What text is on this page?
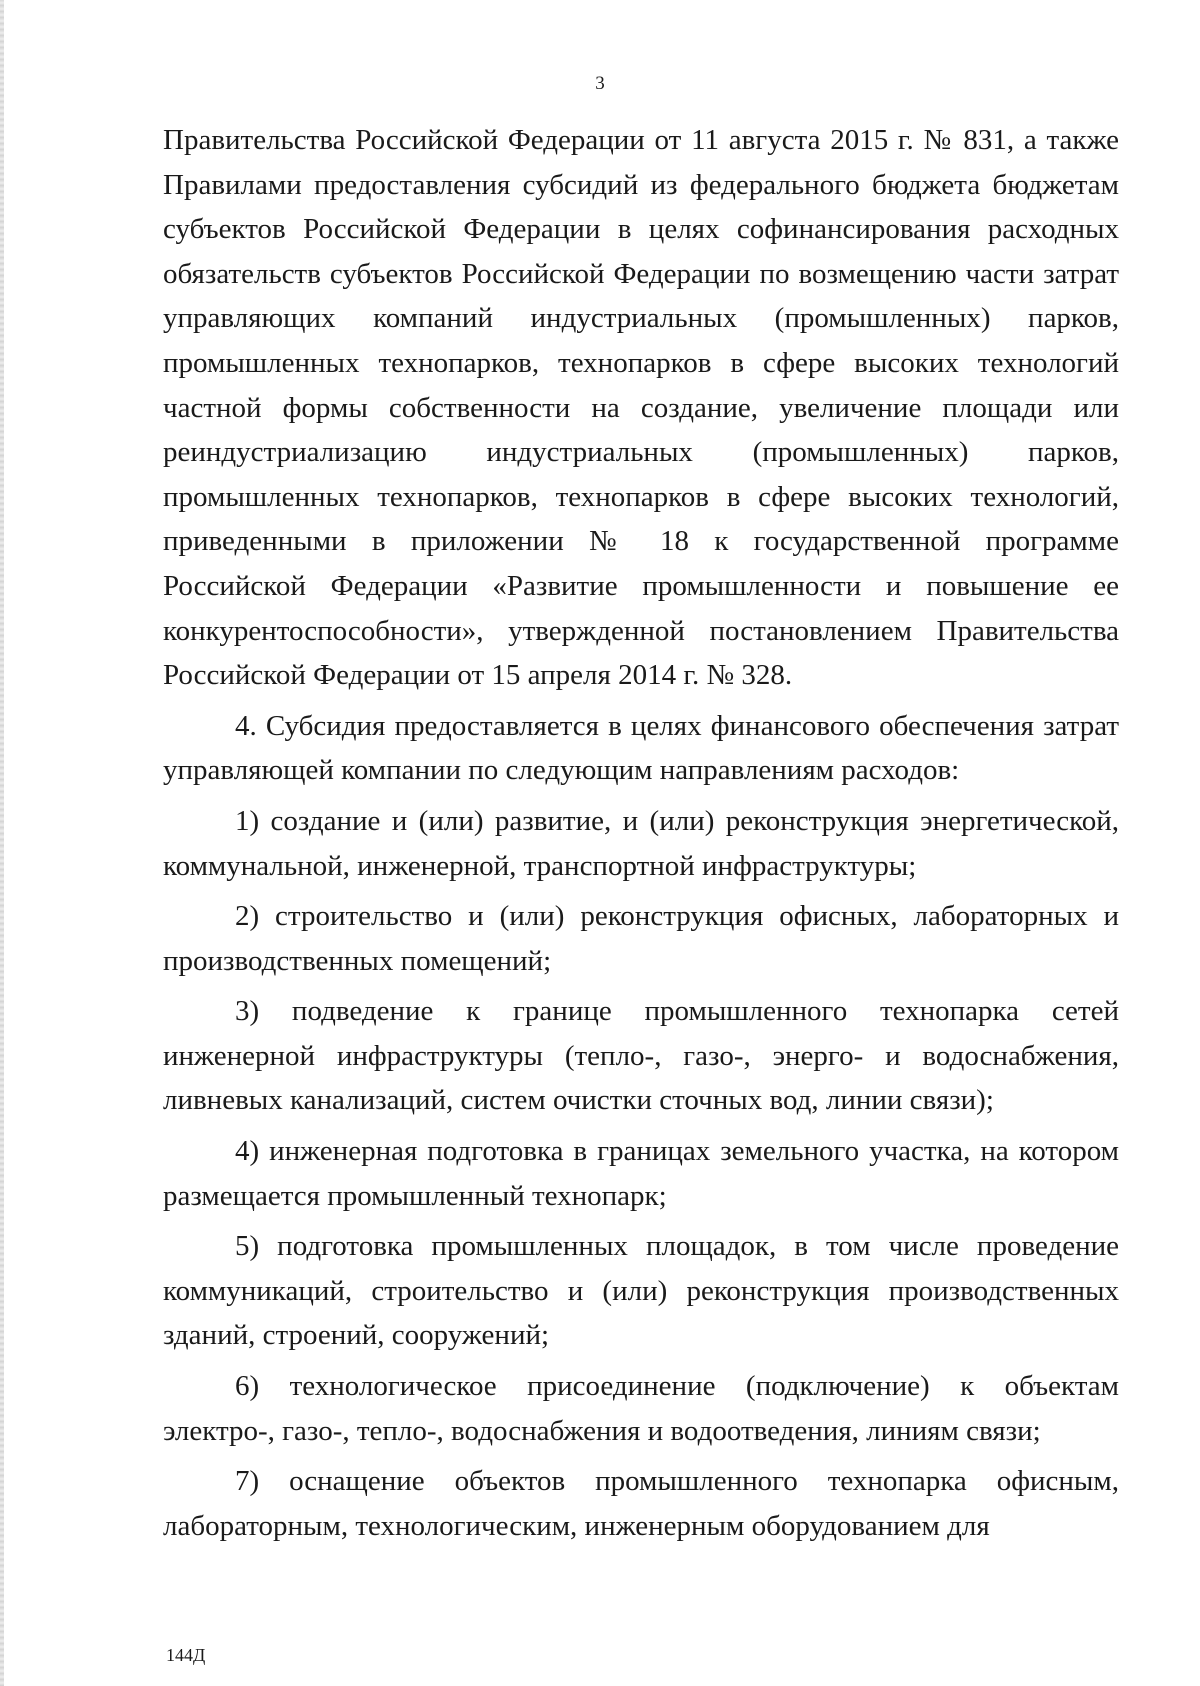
3

Правительства Российской Федерации от 11 августа 2015 г. № 831, а также Правилами предоставления субсидий из федерального бюджета бюджетам субъектов Российской Федерации в целях софинансирования расходных обязательств субъектов Российской Федерации по возмещению части затрат управляющих компаний индустриальных (промышленных) парков, промышленных технопарков, технопарков в сфере высоких технологий частной формы собственности на создание, увеличение площади или реиндустриализацию индустриальных (промышленных) парков, промышленных технопарков, технопарков в сфере высоких технологий, приведенными в приложении № 18 к государственной программе Российской Федерации «Развитие промышленности и повышение ее конкурентоспособности», утвержденной постановлением Правительства Российской Федерации от 15 апреля 2014 г. № 328.

4. Субсидия предоставляется в целях финансового обеспечения затрат управляющей компании по следующим направлениям расходов:

1) создание и (или) развитие, и (или) реконструкция энергетической, коммунальной, инженерной, транспортной инфраструктуры;

2) строительство и (или) реконструкция офисных, лабораторных и производственных помещений;

3) подведение к границе промышленного технопарка сетей инженерной инфраструктуры (тепло-, газо-, энерго- и водоснабжения, ливневых канализаций, систем очистки сточных вод, линии связи);

4) инженерная подготовка в границах земельного участка, на котором размещается промышленный технопарк;

5) подготовка промышленных площадок, в том числе проведение коммуникаций, строительство и (или) реконструкция производственных зданий, строений, сооружений;

6) технологическое присоединение (подключение) к объектам электро-, газо-, тепло-, водоснабжения и водоотведения, линиям связи;

7) оснащение объектов промышленного технопарка офисным, лабораторным, технологическим, инженерным оборудованием для

144Д
